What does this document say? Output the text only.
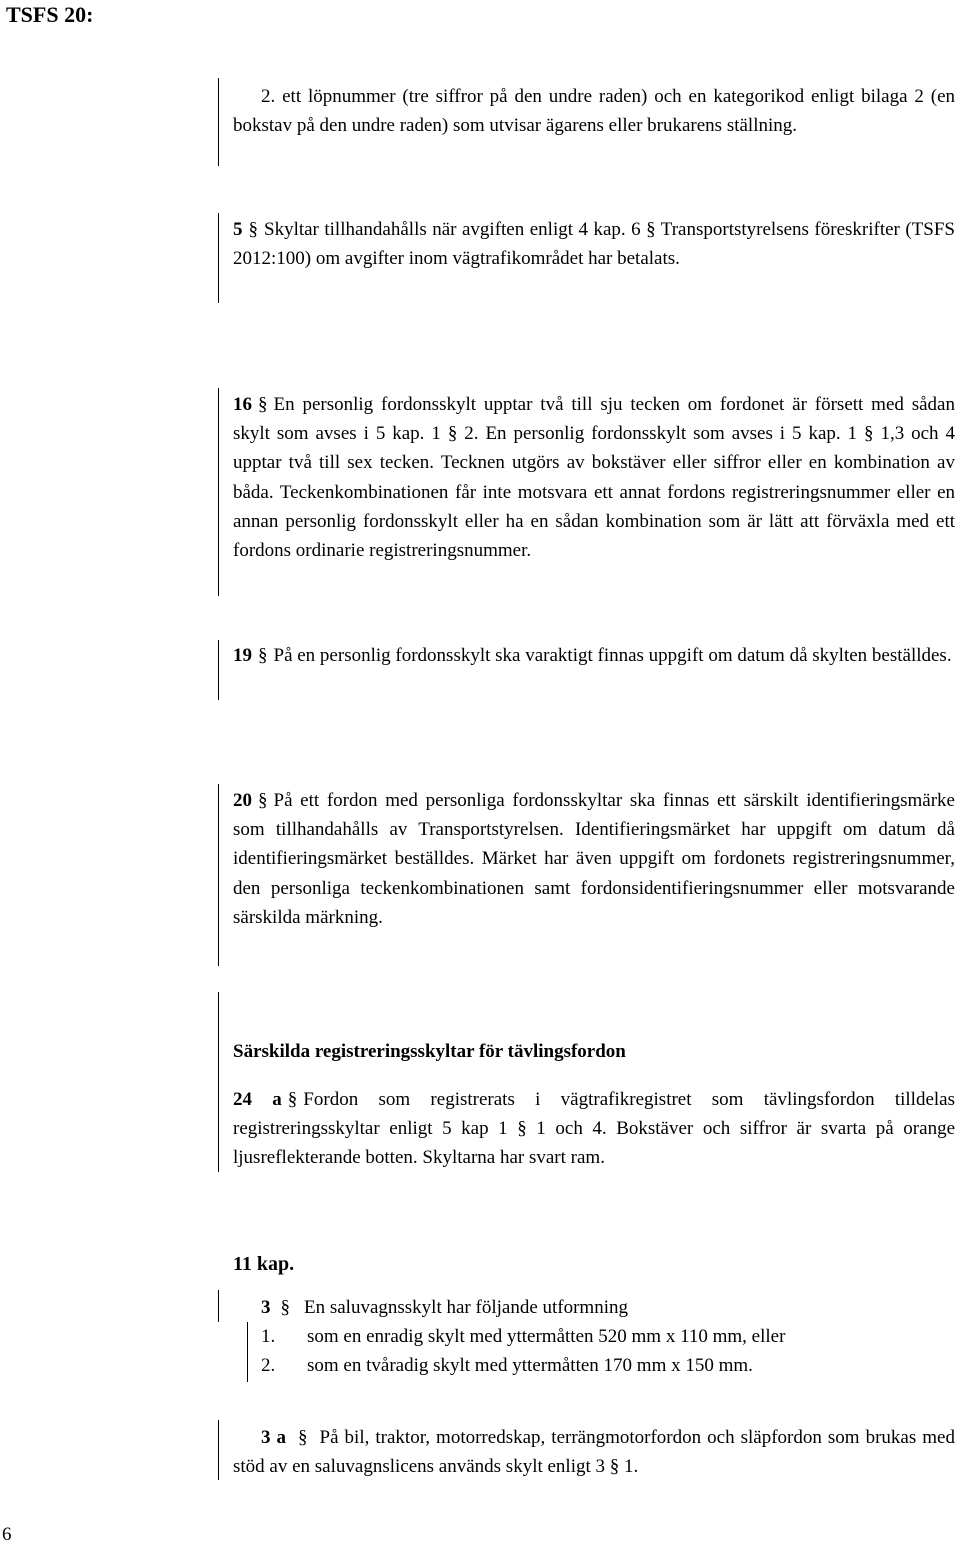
TSFS 20:
2. ett löpnummer (tre siffror på den undre raden) och en kategorikod enligt bilaga 2 (en bokstav på den undre raden) som utvisar ägarens eller brukarens ställning.
5 § Skyltar tillhandahålls när avgiften enligt 4 kap. 6 § Transportstyrelsens föreskrifter (TSFS 2012:100) om avgifter inom vägtrafikområdet har betalats.
16 § En personlig fordonsskylt upptar två till sju tecken om fordonet är försett med sådan skylt som avses i 5 kap. 1 § 2. En personlig fordonsskylt som avses i 5 kap. 1 § 1,3 och 4 upptar två till sex tecken. Tecknen utgörs av bokstäver eller siffror eller en kombination av båda. Teckenkombinationen får inte motsvara ett annat fordons registreringsnummer eller en annan personlig fordonsskylt eller ha en sådan kombination som är lätt att förväxla med ett fordons ordinarie registreringsnummer.
19 § På en personlig fordonsskylt ska varaktigt finnas uppgift om datum då skylten beställdes.
20 § På ett fordon med personliga fordonsskyltar ska finnas ett särskilt identifieringsmärke som tillhandahålls av Transportstyrelsen. Identifieringsmärket har uppgift om datum då identifieringsmärket beställdes. Märket har även uppgift om fordonets registreringsnummer, den personliga teckenkombinationen samt fordonsidentifieringsnummer eller motsvarande särskilda märkning.
Särskilda registreringsskyltar för tävlingsfordon
24 a § Fordon som registrerats i vägtrafikregistret som tävlingsfordon tilldelas registreringsskyltar enligt 5 kap 1 § 1 och 4. Bokstäver och siffror är svarta på orange ljusreflekterande botten. Skyltarna har svart ram.
11 kap.
3 § En saluvagnsskylt har följande utformning
1. som en enradig skylt med yttermåtten 520 mm x 110 mm, eller
2. som en tvåradig skylt med yttermåtten 170 mm x 150 mm.
3 a § På bil, traktor, motorredskap, terrängmotorfordon och släpfordon som brukas med stöd av en saluvagnslicens används skylt enligt 3 § 1.
6
